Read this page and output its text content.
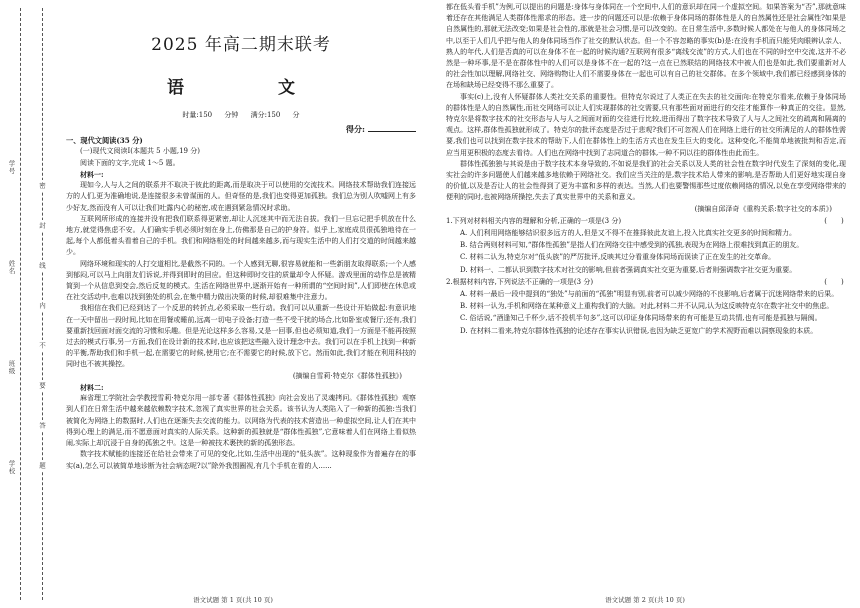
学号
姓名
班级
学校
密
封
线
内
不
要
答
题
2025 年高二期末联考
语　　文
时量:150 分钟 满分:150 分
得分:

一、现代文阅读(35 分)

(一)现代文阅读Ⅰ(本题共 5 小题,19 分)

阅读下面的文字,完成 1～5 题。

材料一:

现如今,人与人之间的联系并不取决于彼此的距离,而是取决于可以使用的交流技术。网络技术帮助我们连接远方的人们,更为准确地说,是连接很多未曾谋面的人。但奇怪的是,我们也变得更加孤独。我们总为别人吹嘘网上有多少好友,然而没有人可以让我们吐露内心的秘密,或在遇到紧急情况时求助。

互联网所形成的连接并没有把我们联系得更紧密,却让人沉迷其中而无法自拔。我们一旦忘记把手机放在什么地方,就觉得焦虑不安。人们确实手机必须时刻在身上,仿佛那是自己的护身符。似乎上,家庭成员很孤独地待在一起,每个人都低着头看着自己的手机。我们和网络相处的时间越来越多,而与现实生活中的人们打交道的时间越来越少。

网络环境和现实的人打交道相比,是截然不同的。一个人感到无聊,很容易就能和一些新朋友取得联系;一个人感到郁闷,可以马上向朋友们诉说,并得到即时的回应。但这种即时交往的质量却令人怀疑。游戏里面的动作总是被精简到一个从信息到变会,然后反复的模式。生活在网络世界中,逐渐开始有一种所谓的“空间时间”,人们即使在休息或在社交活动中,也难以找到独处的机会,在集中精力做出决策的时候,却很难集中注意力。

我相信在我们已经到达了一个反思的转折点,必须采取一些行动。我们可以从重新一些设计开始做起:有意识地在一天中留出一段时间,比如在用餐或睡前,远离一切电子设备;打造一些不受干扰的场合,比如卧室或餐厅;还有,我们要重新找回面对面交流的习惯和乐趣。但是光论这样多么容易,又是一回事,但也必须知道,我们一方面是不能再按照过去的模式行事,另一方面,我们在设计新的技术时,也应该把这些融入设计理念中去。我们可以在手机上找到一种新的平衡,帮助我们和手机一起,在需要它的时候,使用它;在不需要它的时候,放下它。然而如此,我们才能在利用科技的同时也不被其操控。

(摘编自雪莉·特克尔《群体性孤独》)

材料二:

麻省理工学院社会学教授雪莉·特克尔用一部专著《群体性孤独》向社会发出了灵魂拷问。《群体性孤独》观察到人们在日常生活中越来越依赖数字技术,忽视了真实世界的社会关系。该书认为人类陷入了一种新的孤独:当我们被简化为网络上的数据时,人们也在逐渐失去交流的能力。以网络为代表的技术营造出一种虚拟空间,让人们在其中得到心理上的满足,而不愿意面对真实的人际关系。这种新的孤独就是“群体性孤独”,它意味着人们在网络上看似热闹,实际上却沉浸于自身的孤独之中。这是一种被技术裹挟的新的孤独形态。

数字技术赋能的连接还在给社会带来了可见的变化,比如,生活中出现的“低头族”。这种现象作为普遍存在的事实(a),怎么可以被简单地诊断为社会病态呢?以”除外我围圈视,有几个手机在看的人......

语文试题 第 1 页(共 10 页)

都在低头看手机”为例,可以提出的问题是:身体与身体同在一个空间中,人们的意识却在同一个虚拟空间。如果答案为“否”,那就意味着还存在其他满足人类群体性需求的形态。进一步的问题还可以是:依赖于身体同场的群体性是人的自然属性还是社会属性?如果是自然属性的,那就无法改变;如果是社会性的,那就是社会习惯,是可以改变的。在日常生活中,多数时候人都处在与他人的身体同场之中,以至于人们几乎把与他人的身体同场当作了社交的默认状态。但一个不容忽略的事实(b)是:在没有手机而只能凭肉眼辨认亲人、熟人的年代,人们是否真的可以在身体不在一起的时候沟通?互联网有很多“离线交流”的方式,人们也在不同的时空中交流,这并不必然是一种坏事,是不是在群体性中的人们可以是身体不在一起的?这一点在已然联结的网络技术中被人们也是如此,我们要重新对人的社会性加以理解,网络社交、网络购物让人们不需要身体在一起也可以有自己的社交群体。在多个领域中,我们都已经感到身体的在场和缺场已经变得不那么重要了。

事实(c)上,没有人怀疑群体人类社交关系的重要性。但特克尔说过了人类正在失去的社交面向:在特克尔看来,依赖于身体同场的群体性是人的自然属性,而社交网络可以让人们实现群体的社交需要,只有那些面对面进行的交往才能算作一种真正的交往。显然,特克尔是将数字技术的社交形态与人与人之间面对面的交往进行比较,进而得出了数字技术导致了人与人之间社交的疏离和隔离的观点。这样,群体性孤独就形成了。特克尔的批评态度是否过于悲观?我们不可忽视人们在网络上进行的社交所满足的人的群体性需要,我们也可以找到在数字技术的帮助下,人们在群体性上的生活方式也在发生巨大的变化。这种变化,不能简单地被批判和否定,而应当用更积极的态度去看待。人们也在网络中找到了志同道合的群体,一种不同以往的群体性由此而生。

群体性孤独独与其说是由于数字技术本身导致的,不如说是我们的社会关系以及人类的社会性在数字时代发生了深刻的变化,现实社会的许多问题使人们越来越多地依赖于网络社交。我们应当关注的是,数字技术给人带来的影响,是否帮助人们更好地实现自身的价值,以及是否让人的社会性得到了更为丰富和多样的表达。当然,人们也要警惕那些过度依赖网络的情况,以免在享受网络带来的便利的同时,也被网络所操控,失去了真实世界中的关系和意义。

(摘编自邱泽奇《重构关系:数字社交的本质》)

(　　)
1.下列对材料相关内容的理解和分析,正确的一项是(3 分)

A. 人们利用网络能够结识很多远方的人,但是又不得不在推择彼此友谊上,投入比真实社交更多的时间和精力。

B. 结合两则材料可知,“群体性孤独”是指人们在网络交往中感受到的孤独,表现为在网络上很难找到真正的朋友。

C. 材料二认为,特克尔对“低头族”的严厉批评,反映其过分看重身体同场而误读了正在发生的社交革命。

D. 材料一、二都认识到数字技术对社交的影响,但前者强调真实社交更为重要,后者则强调数字社交更为重要。

(　　)
2.根据材料内容,下列说法不正确的一项是(3 分)

A. 材料一最后一段中提到的“独处”与前面的“孤独”明显有别,前者可以减少网络的不良影响,后者属于沉迷网络带来的后果。

B. 材料一认为,手机和网络在某种意义上重构我们的大脑。对此,材料二并不认同,认为这反映特克尔在数字社交中的焦虑。

C. 俗话说,“酒逢知己千杯少,话不投机半句多”,这可以印证身体同场带来的有可能是互动共情,也有可能是孤独与隔阂。

D. 在材料二看来,特克尔群体性孤独的论述存在事实认识错误,也因为缺乏更宽广的学术视野而难以洞察现象的本质。

语文试题 第 2 页(共 10 页)
